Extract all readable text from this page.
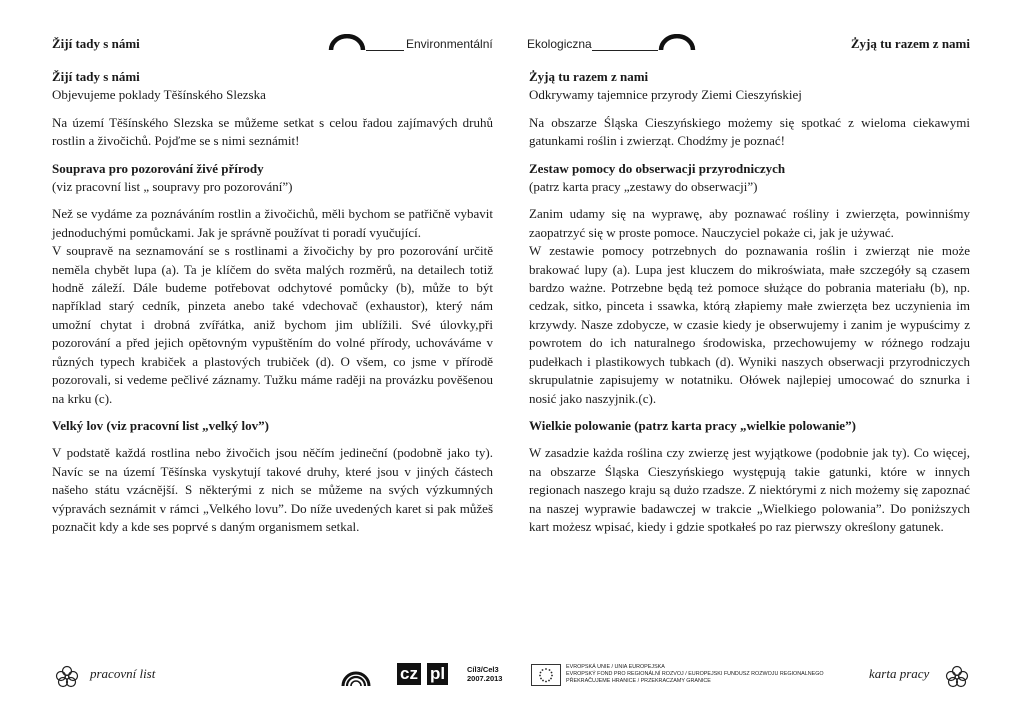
Žijí tady s námi	Environmentální	Ekologiczna	Żyją tu razem z nami
Žijí tady s námi

Objevujeme poklady Těšínského Slezska

Na území Těšínského Slezska se můžeme setkat s celou řadou zajímavých druhů rostlin a živočichů. Pojďme se s nimi seznámit!

Souprava pro pozorování živé přírody

(viz pracovní list „ soupravy pro pozorování”)

Než se vydáme za poznáváním rostlin a živočichů, měli bychom se patřičně vybavit jednoduchými pomůckami. Jak je správně používat ti poradí vyučující.

V soupravě na seznamování se s rostlinami a živočichy by pro pozorování určitě neměla chybět lupa (a). Ta je klíčem do světa malých rozměrů, na detailech totiž hodně záleží. Dále budeme potřebovat odchytové pomůcky (b), může to být například starý cedník, pinzeta anebo také vdechovač (exhaustor), který nám umožní chytat i drobná zvířátka, aniž bychom jim ublížili. Své úlovky,při pozorování a před jejich opětovným vypuštěním do volné přírody, uchováváme v různých typech krabiček a plastových trubiček (d). O všem, co jsme v přírodě pozorovali, si vedeme pečlivé záznamy. Tužku máme raději na provázku pověšenou na krku (c).

Velký lov (viz pracovní list „velký lov”)

V podstatě každá rostlina nebo živočich jsou něčím jedineční (podobně jako ty). Navíc se na území Těšínska vyskytují takové druhy, které jsou v jiných částech našeho státu vzácnější. S některými z nich se můžeme na svých výzkumných výpravách seznámit v rámci „Velkého lovu”. Do níže uvedených karet si pak můžeš poznačit kdy a kde ses poprvé s daným organismem setkal.

Żyją tu razem z nami

Odkrywamy tajemnice przyrody Ziemi Cieszyńskiej

Na obszarze Śląska Cieszyńskiego możemy się spotkać z wieloma ciekawymi gatunkami roślin i zwierząt. Chodźmy je poznać!

Zestaw pomocy do obserwacji przyrodniczych

(patrz karta pracy „zestawy do obserwacji”)

Zanim udamy się na wyprawę, aby poznawać rośliny i zwierzęta, powinniśmy zaopatrzyć się w proste pomoce. Nauczyciel pokaże ci, jak je używać.

W zestawie pomocy potrzebnych do poznawania roślin i zwierząt nie może brakować lupy (a). Lupa jest kluczem do mikroświata, małe szczegóły są czasem bardzo ważne. Potrzebne będą też pomoce służące do pobrania materiału (b), np. cedzak, sitko, pinceta i ssawka, którą złapiemy małe zwierzęta bez uczynienia im krzywdy. Nasze zdobycze, w czasie kiedy je obserwujemy i zanim je wypuścimy z powrotem do ich naturalnego środowiska, przechowujemy w różnego rodzaju pudełkach i plastikowych tubkach (d). Wyniki naszych obserwacji przyrodniczych skrupulatnie zapisujemy w notatniku. Ołówek najlepiej umocować do sznurka i nosić jako naszyjnik.(c).

Wielkie polowanie (patrz karta pracy „wielkie polowanie”)

W zasadzie każda roślina czy zwierzę jest wyjątkowe (podobnie jak ty). Co więcej, na obszarze Śląska Cieszyńskiego występują takie gatunki, które w innych regionach naszego kraju są dużo rzadsze. Z niektórymi z nich możemy się zapoznać na naszej wyprawie badawczej w trakcie „Wielkiego polowania”. Do poniższych kart możesz wpisać, kiedy i gdzie spotkałeś po raz pierwszy określony gatunek.

pracovní list	cz pl	Cíl3/Cel3
2007.2013
EVROPSKÁ UNIE / UNIA EUROPEJSKA
EVROPSKÝ FOND PRO REGIONÁLNÍ ROZVOJ / EUROPEJSKI FUNDUSZ ROZWOJU REGIONALNEGO
PŘEKRAČUJEME HRANICE / PRZEKRACZAMY GRANICE
karta pracy
